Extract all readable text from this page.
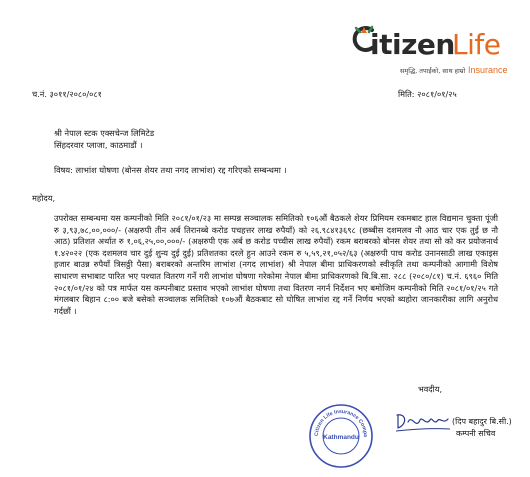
itizen
Life
समृद्धि, तपाईंको, साथ हाम्रो Insurance
च.नं. ३०११/२०८०/०८१	मिति: २०८१/०१/२५
श्री नेपाल स्टक एक्सचेन्ज लिमिटेड
सिंहदरवार प्लाजा, काठमाडौं ।
विषय: लाभांश घोषणा (बोनस शेयर तथा नगद लाभांश) रद्द गरिएको सम्बन्धमा ।
महोदय,

उपरोक्त सम्बन्धमा यस कम्पनीको मिति २०८१/०१/२३ मा सम्पन्न सञ्चालक समितिको १०६औं बैठकले शेयर प्रिमियम रकमबाट हाल विद्यमान चुक्ता पूंजी रु ३,९३,७८,००,०००/- (अक्षरुपी तीन अर्ब तिरानब्बे करोड पचहत्तर लाख रुपैयाँ) को २६.९८४१३६९८ (छब्बीस दशमलव नौ आठ चार एक तुई छ नौ आठ) प्रतिशत अर्थात रु १,०६,२५,००,०००/- (अक्षरुपी एक अर्ब छ करोड पच्चीस लाख रुपैयाँ) रकम बराबरको बोनस शेयर तथा सो को कर प्रयोजनार्थ १.४२०२२ (एक दशमलव चार दुई शुन्य दुई दुई) प्रतिशतका दरले हुन आउने रकम रु ५,५९,२१,०५२/६३ (अक्षरुपी पाच करोड उनानसाठी लाख एकाइस हजार बाउन्न रुपैयाँ त्रिसठ्ठी पैसा) बराबरको अन्तरिम लाभांश (नगद लाभांश) श्री नेपाल बीमा प्राधिकरणको स्वीकृति तथा कम्पनीको आगामी विशेष साधारण सभाबाट पारित भए पश्चात वितरण गर्ने गरी लाभांश घोषणा गरेकोमा नेपाल बीमा प्राधिकरणको बि.बि.सा. २८८ (२०८०/८१) च.नं. ६९६० मिति २०८१/०१/२४ को पत्र मार्फत यस कम्पनीबाट प्रस्ताव भएको लाभांश घोषणा तथा वितरण नगर्न निर्देशन भए बमोजिम कम्पनीको मिति २०८१/०१/२५ गते मंगलबार बिहान ८:०० बजे बसेको सञ्चालक समितिको १०७औं बैठकबाट सो घोषित लाभांश रद्द गर्ने निर्णय भएको ब्यहोरा जानकारीका लागि अनुरोध गर्दछौं ।

भवदीय,
Citizen Life Insurance Compa
Kathmandu
(दिप बहादुर बि.सी.)
कम्पनी सचिव
